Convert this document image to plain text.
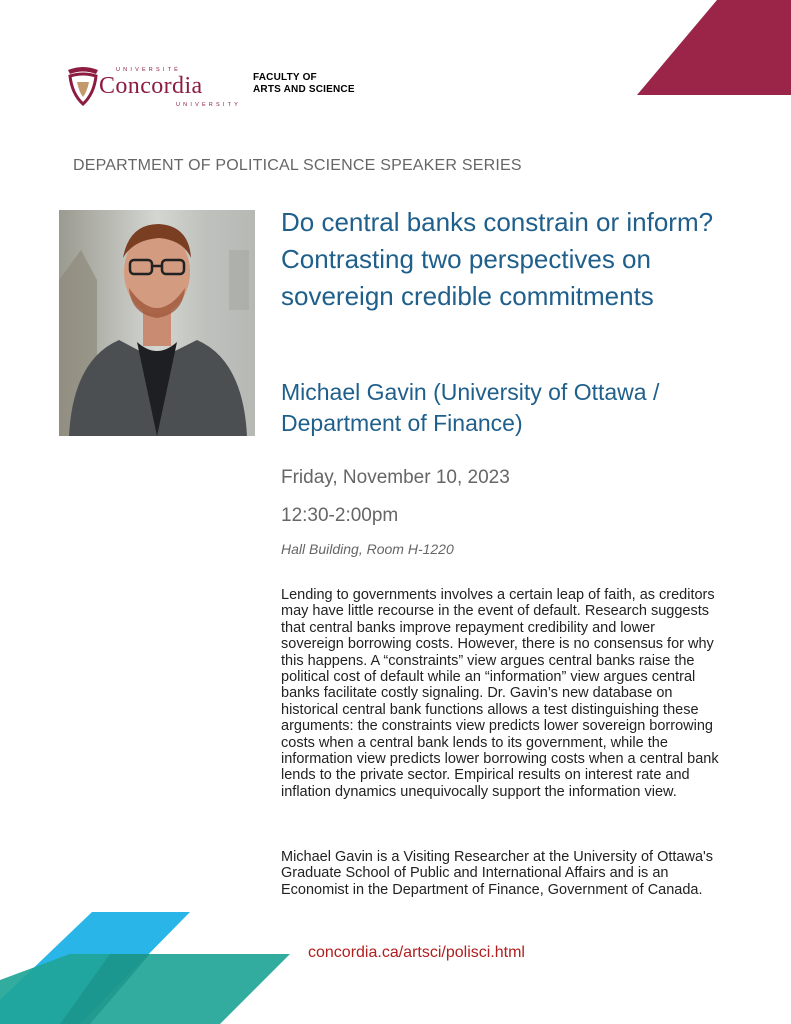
UNIVERSITÉ
Concordia
UNIVERSITY
FACULTY OF
ARTS AND SCIENCE
DEPARTMENT OF POLITICAL SCIENCE SPEAKER SERIES
Do central banks constrain or inform? Contrasting two perspectives on sovereign credible commitments
Michael Gavin (University of Ottawa / Department of Finance)
Friday, November 10, 2023
12:30-2:00pm
Hall Building, Room H-1220

Lending to governments involves a certain leap of faith, as creditors may have little recourse in the event of default. Research suggests that central banks improve repayment credibility and lower sovereign borrowing costs. However, there is no consensus for why this happens. A “constraints” view argues central banks raise the political cost of default while an “information” view argues central banks facilitate costly signaling. Dr. Gavin’s new database on historical central bank functions allows a test distinguishing these arguments: the constraints view predicts lower sovereign borrowing costs when a central bank lends to its government, while the information view predicts lower borrowing costs when a central bank lends to the private sector. Empirical results on interest rate and inflation dynamics unequivocally support the information view.

Michael Gavin is a Visiting Researcher at the University of Ottawa's Graduate School of Public and International Affairs and is an Economist in the Department of Finance, Government of Canada.

concordia.ca/artsci/polisci.html
